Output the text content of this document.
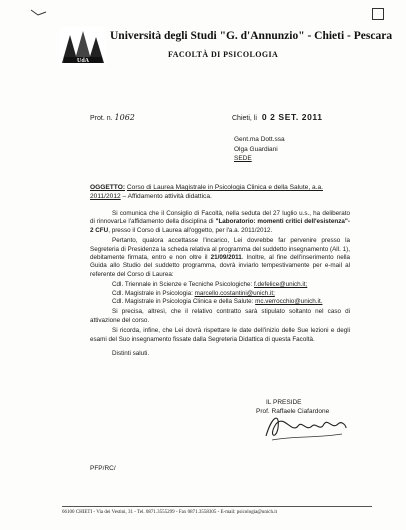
UdA
Università degli Studi "G. d'Annunzio" - Chieti - Pescara
FACOLTÀ DI PSICOLOGIA
Prot. n. 1062	Chieti, li 0 2 SET. 2011
Gent.ma Dott.ssa
Olga Guardiani
SEDE
OGGETTO: Corso di Laurea Magistrale in Psicologia Clinica e della Salute, a.a. 2011/2012 – Affidamento attività didattica.

Si comunica che il Consiglio di Facoltà, nella seduta del 27 luglio u.s., ha deliberato di rinnovarLe l'affidamento della disciplina di "Laboratorio: momenti critici dell'esistenza"- 2 CFU, presso il Corso di Laurea all'oggetto, per l'a.a. 2011/2012.

Pertanto, qualora accettasse l'incarico, Lei dovrebbe far pervenire presso la Segreteria di Presidenza la scheda relativa al programma del suddetto insegnamento (All. 1), debitamente firmata, entro e non oltre il 21/09/2011. Inoltre, al fine dell'inserimento nella Guida allo Studio del suddetto programma, dovrà inviarlo tempestivamente per e-mail al referente del Corso di Laurea:

Cdl. Triennale in Scienze e Tecniche Psicologiche: f.defelice@unich.it;
Cdl. Magistrale in Psicologia: marcello.costantini@unich.it;
Cdl. Magistrale in Psicologia Clinica e della Salute: mc.verrocchio@unich.it.

Si precisa, altresì, che il relativo contratto sarà stipulato soltanto nel caso di attivazione del corso.

Si ricorda, infine, che Lei dovrà rispettare le date dell'inizio delle Sue lezioni e degli esami del Suo insegnamento fissate dalla Segreteria Didattica di questa Facoltà.

Distinti saluti.

IL PRESIDE
Prof. Raffaele Ciafardone
PFP/RC/
66100 CHIETI - Via dei Vestini, 31 - Tel. 0871.3555299 - Fax 0871.3558305 - E-mail: psicologia@unich.it
